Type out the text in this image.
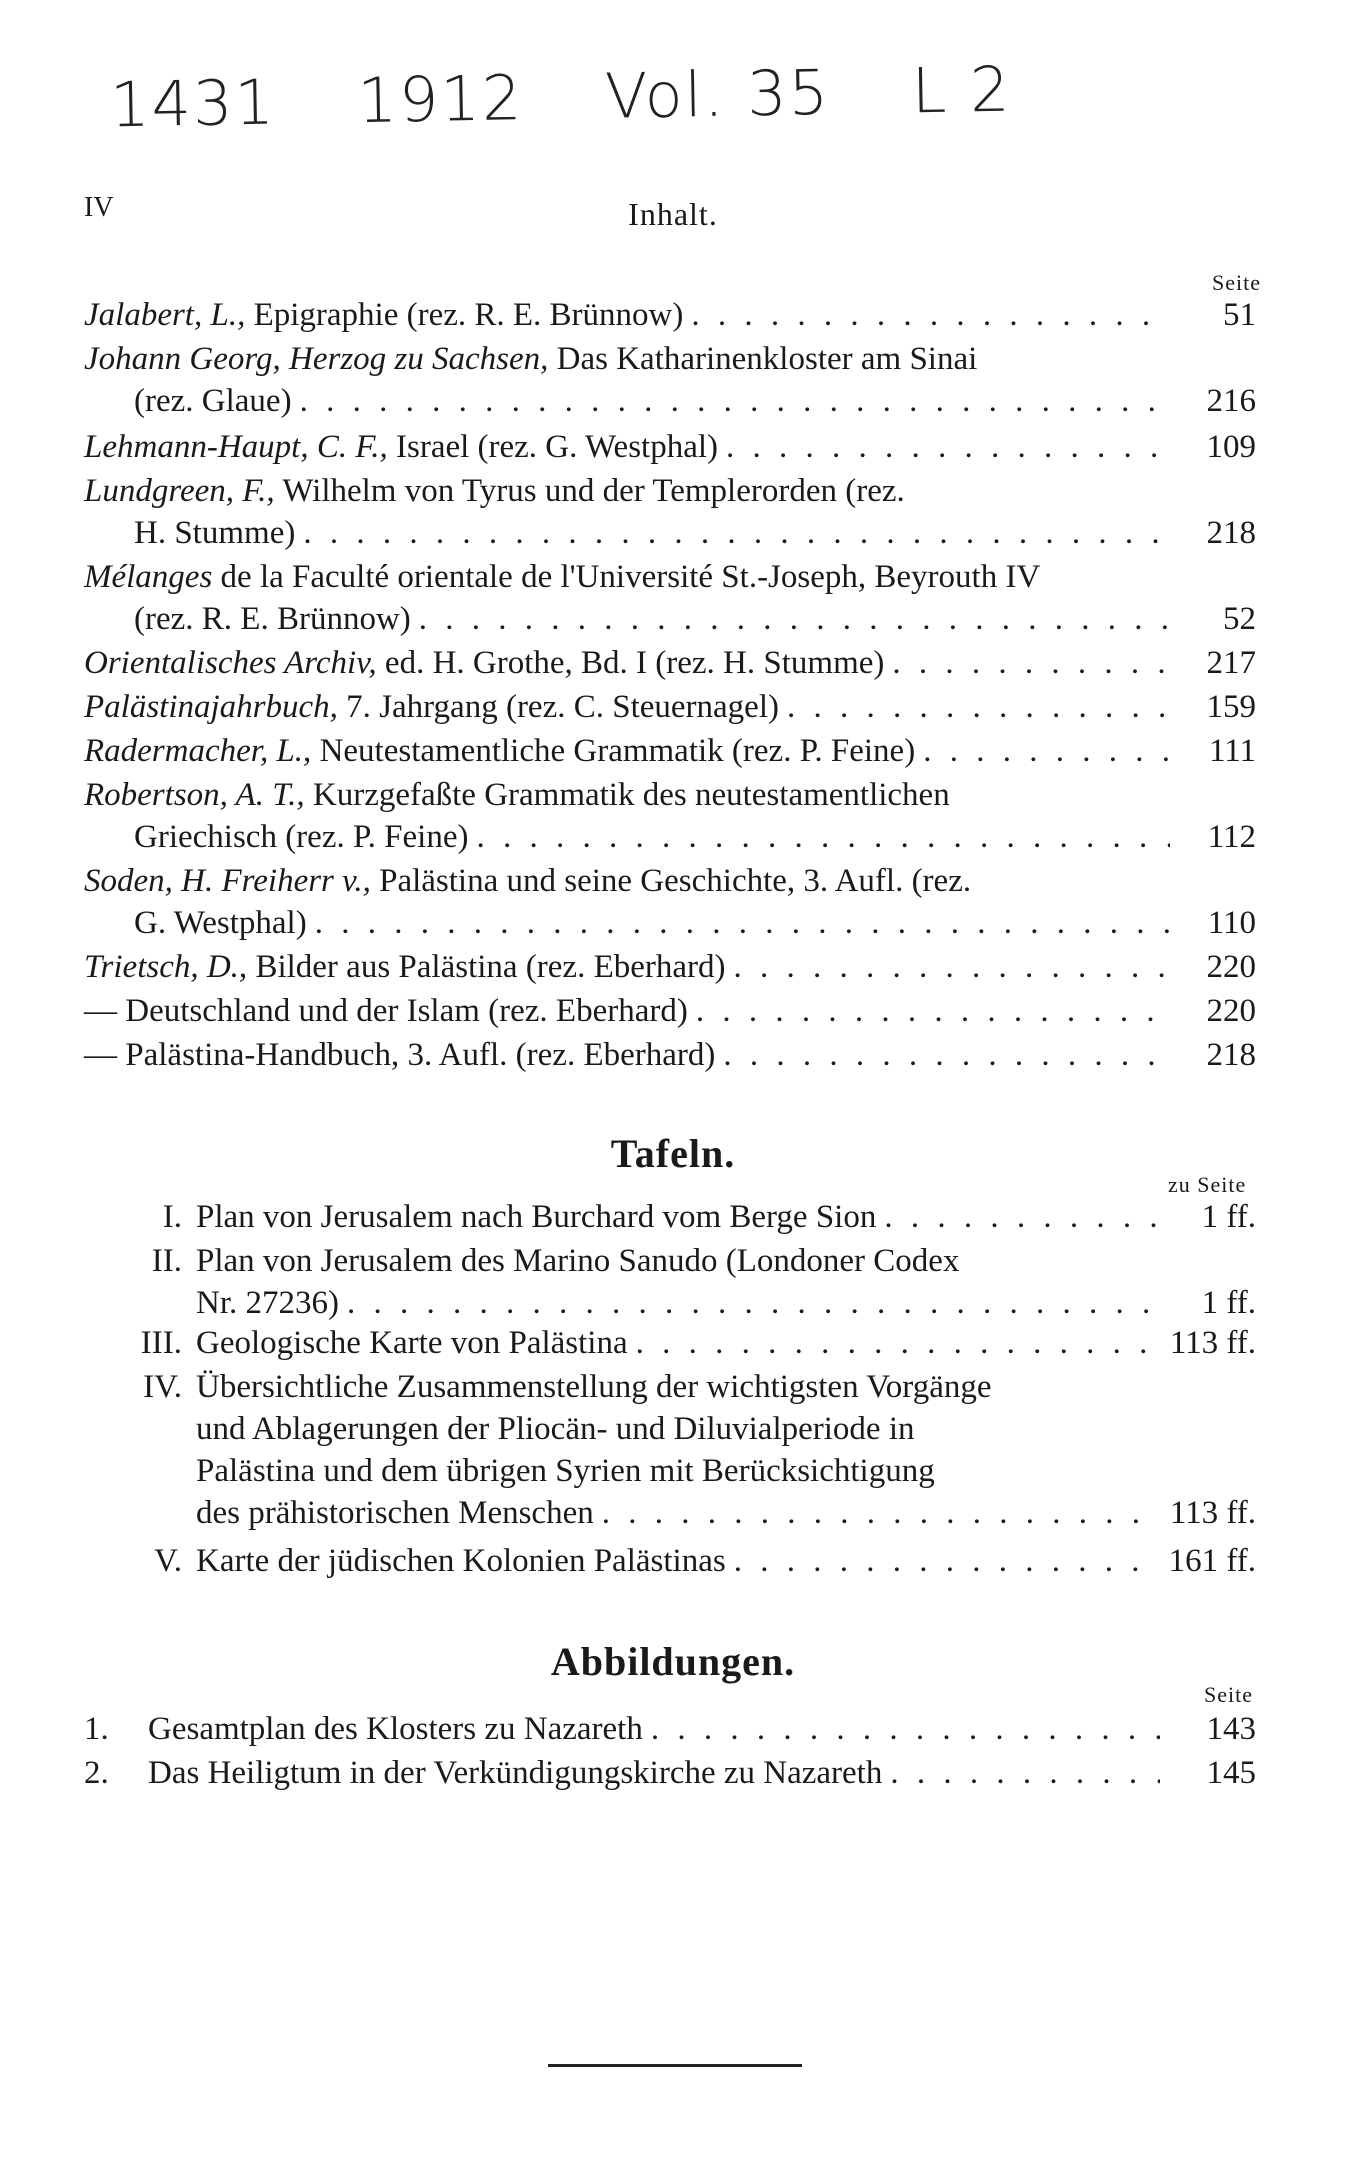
1431 1912 Vol. 35 L 2
IV	Inhalt.
Seite
Jalabert, L., Epigraphie (rez. R. E. Brünnow) . . .	51
Johann Georg, Herzog zu Sachsen, Das Katharinenkloster am Sinai
(rez. Glaue) . . .	216
Lehmann-Haupt, C. F., Israel (rez. G. Westphal) . . .	109
Lundgreen, F., Wilhelm von Tyrus und der Templerorden (rez.
H. Stumme) . . .	218
Mélanges de la Faculté orientale de l'Université St.-Joseph, Beyrouth IV
(rez. R. E. Brünnow) . . .	52
Orientalisches Archiv, ed. H. Grothe, Bd. I (rez. H. Stumme) . . .	217
Palästinajahrbuch, 7. Jahrgang (rez. C. Steuernagel) . . .	159
Radermacher, L., Neutestamentliche Grammatik (rez. P. Feine) . . .	111
Robertson, A. T., Kurzgefaßte Grammatik des neutestamentlichen
Griechisch (rez. P. Feine) . . .	112
Soden, H. Freiherr v., Palästina und seine Geschichte, 3. Aufl. (rez.
G. Westphal) . . .	110
Trietsch, D., Bilder aus Palästina (rez. Eberhard) . . .	220
— Deutschland und der Islam (rez. Eberhard) . . .	220
— Palästina-Handbuch, 3. Aufl. (rez. Eberhard) . . .	218
Tafeln.
zu Seite
I. Plan von Jerusalem nach Burchard vom Berge Sion . . .	1 ff.
II. Plan von Jerusalem des Marino Sanudo (Londoner Codex
Nr. 27236) . . .	1 ff.
III. Geologische Karte von Palästina . . .	113 ff.
IV. Übersichtliche Zusammenstellung der wichtigsten Vorgänge
und Ablagerungen der Pliocän- und Diluvialperiode in
Palästina und dem übrigen Syrien mit Berücksichtigung
des prähistorischen Menschen . . .	113 ff.
V. Karte der jüdischen Kolonien Palästinas . . .	161 ff.
Abbildungen.
Seite
1.	Gesamtplan des Klosters zu Nazareth . . .	143
2.	Das Heiligtum in der Verkündigungskirche zu Nazareth . . .	145
